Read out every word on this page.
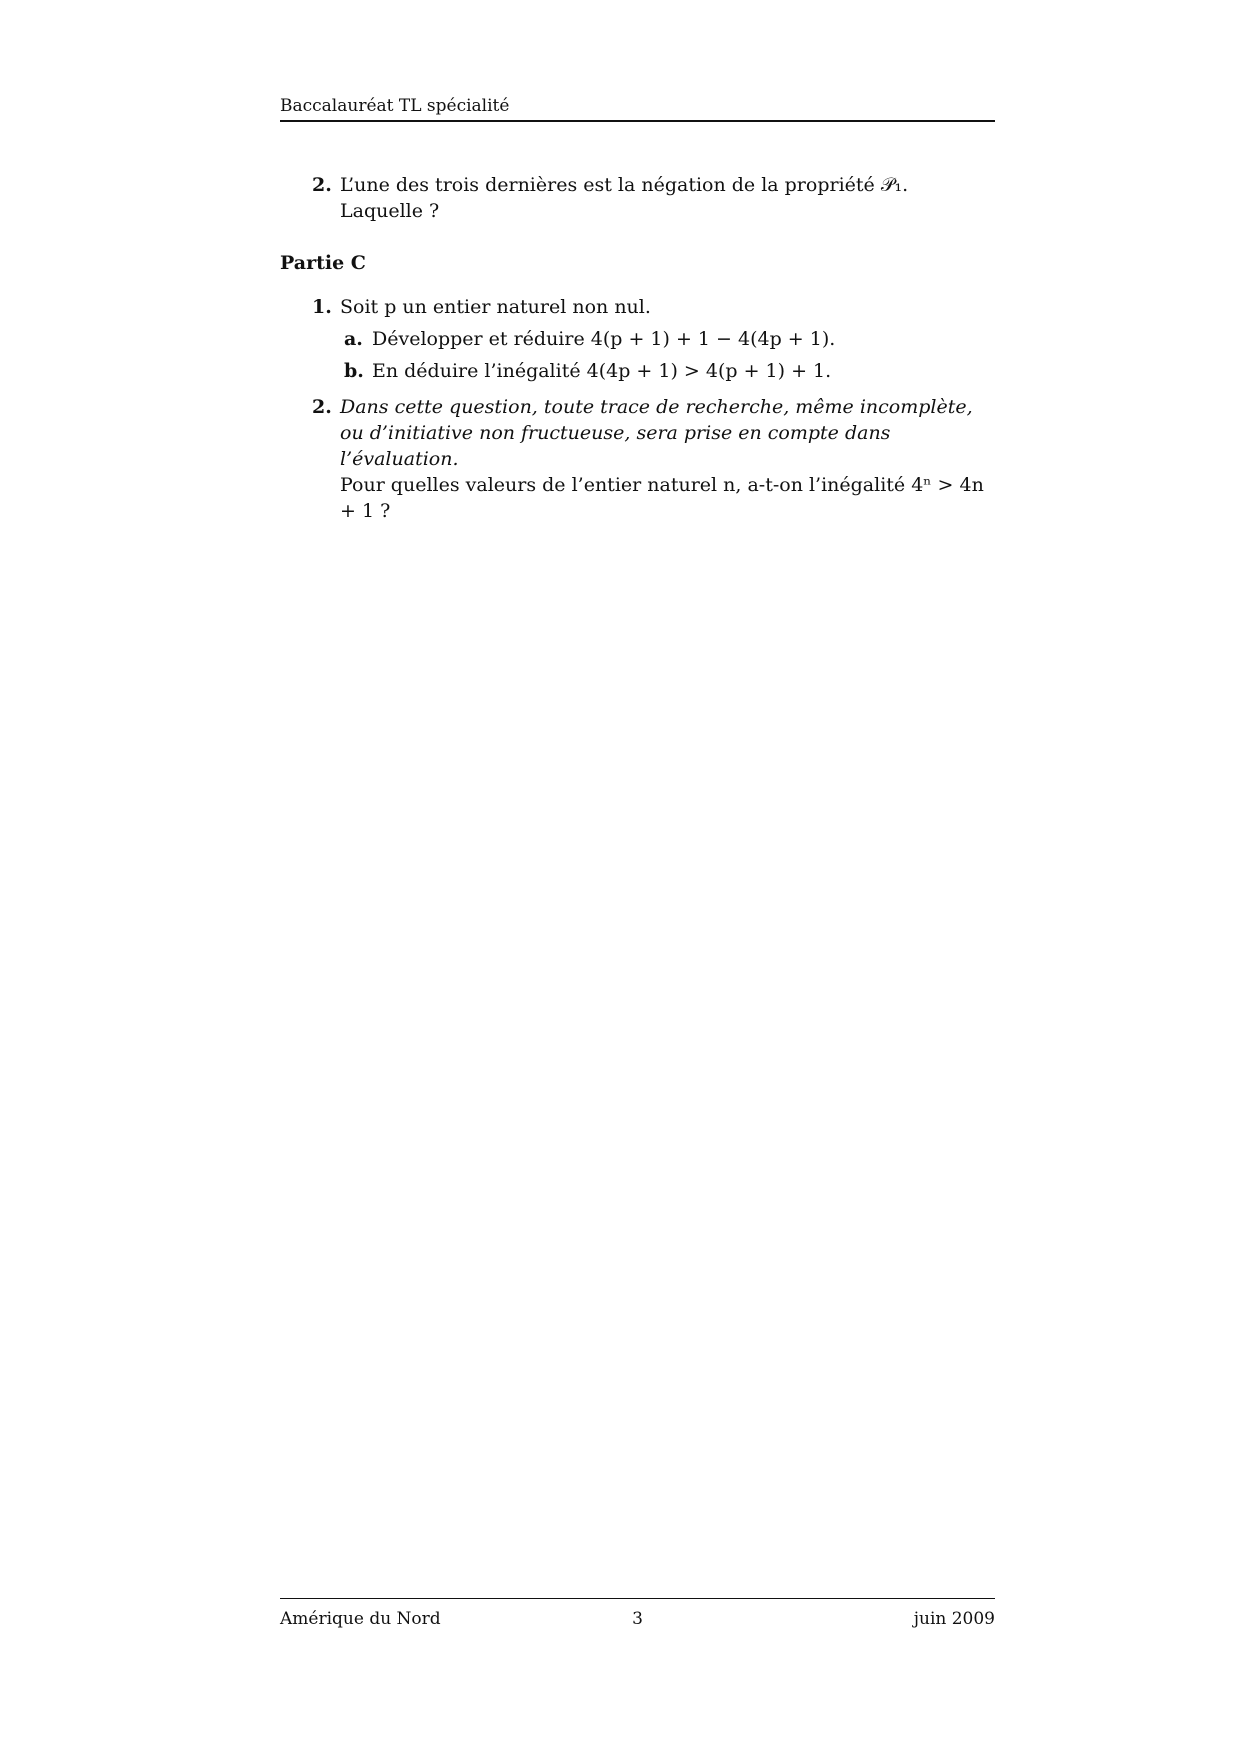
Baccalauréat TL spécialité
2. L’une des trois dernières est la négation de la propriété 𝒫₁. Laquelle ?
Partie C
1. Soit p un entier naturel non nul.
a. Développer et réduire 4(p + 1) + 1 − 4(4p + 1).
b. En déduire l’inégalité 4(4p + 1) > 4(p + 1) + 1.
2. Dans cette question, toute trace de recherche, même incomplète, ou d’initiative non fructueuse, sera prise en compte dans l’évaluation.
Pour quelles valeurs de l’entier naturel n, a-t-on l’inégalité 4ⁿ > 4n + 1 ?
Amérique du Nord	3	juin 2009
